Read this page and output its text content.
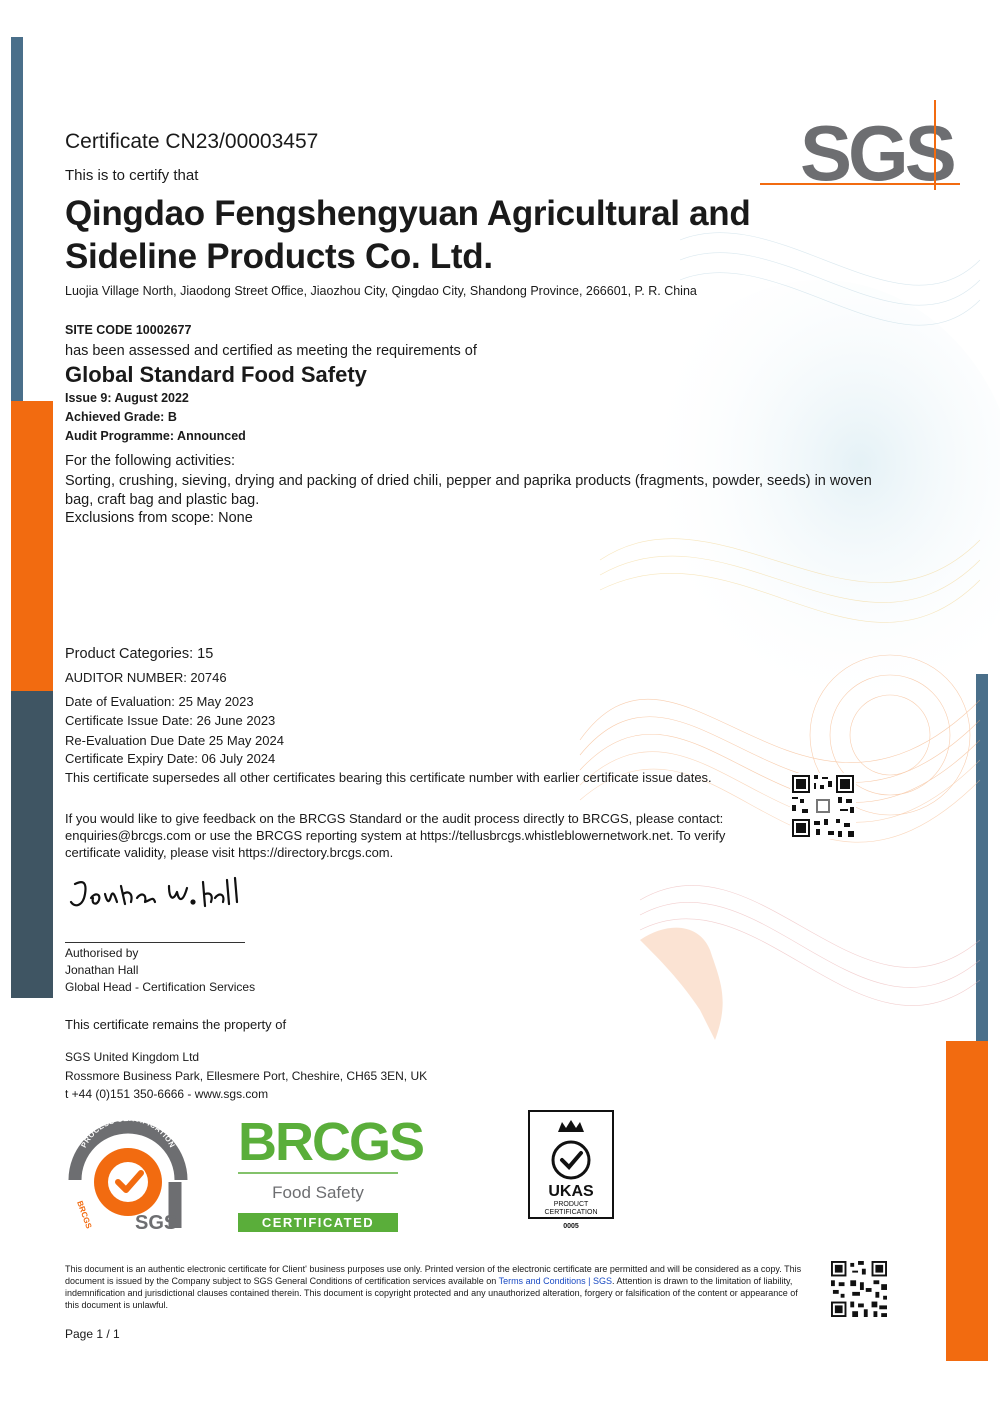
SGS
Certificate CN23/00003457
This is to certify that
Qingdao Fengshengyuan Agricultural and Sideline Products Co. Ltd.
Luojia Village North, Jiaodong Street Office, Jiaozhou City, Qingdao City, Shandong Province, 266601, P. R. China
SITE CODE 10002677
has been assessed and certified as meeting the requirements of
Global Standard Food Safety
Issue 9: August 2022
Achieved Grade: B
Audit Programme: Announced
For the following activities:
Sorting, crushing, sieving, drying and packing of dried chili, pepper and paprika products (fragments, powder, seeds) in woven bag, craft bag and plastic bag.
Exclusions from scope: None
Product Categories: 15
AUDITOR NUMBER: 20746
Date of Evaluation: 25 May 2023
Certificate Issue Date: 26 June 2023
Re-Evaluation Due Date 25 May 2024
Certificate Expiry Date: 06 July 2024
This certificate supersedes all other certificates bearing this certificate number with earlier certificate issue dates.
If you would like to give feedback on the BRCGS Standard or the audit process directly to BRCGS, please contact: enquiries@brcgs.com or use the BRCGS reporting system at https://tellusbrcgs.whistleblowernetwork.net. To verify certificate validity, please visit https://directory.brcgs.com.
Authorised by
Jonathan Hall
Global Head - Certification Services
This certificate remains the property of
SGS United Kingdom Ltd
Rossmore Business Park, Ellesmere Port, Cheshire, CH65 3EN, UK
t +44 (0)151 350-6666 - www.sgs.com
PROCESS CERTIFICATION
BRCGS SGS
BRCGS
Food Safety
CERTIFICATED
UKAS
PRODUCT
CERTIFICATION
0005
This document is an authentic electronic certificate for Client' business purposes use only. Printed version of the electronic certificate are permitted and will be considered as a copy. This document is issued by the Company subject to SGS General Conditions of certification services available on Terms and Conditions | SGS. Attention is drawn to the limitation of liability, indemnification and jurisdictional clauses contained therein. This document is copyright protected and any unauthorized alteration, forgery or falsification of the content or appearance of this document is unlawful.
Page 1 / 1
